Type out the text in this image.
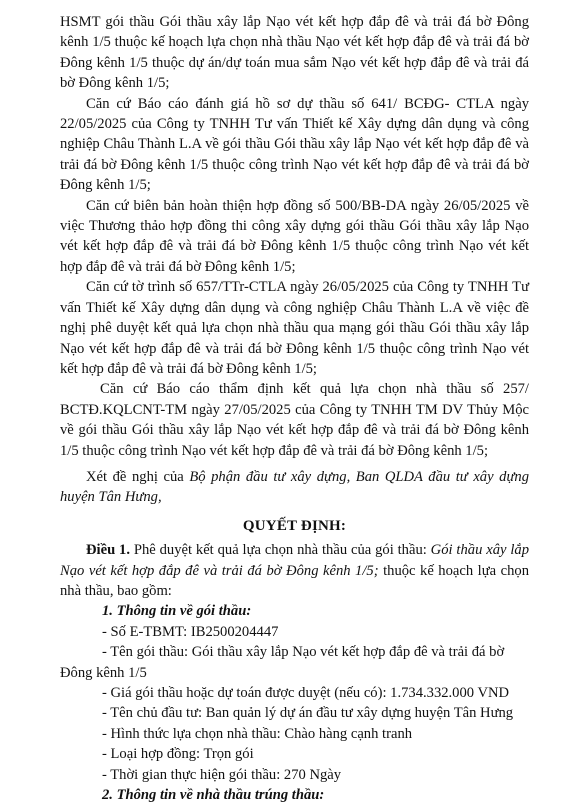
HSMT gói thầu Gói thầu xây lắp Nạo vét kết hợp đắp đê và trải đá bờ Đông kênh 1/5 thuộc kế hoạch lựa chọn nhà thầu Nạo vét kết hợp đắp đê và trải đá bờ Đông kênh 1/5 thuộc dự án/dự toán mua sắm Nạo vét kết hợp đắp đê và trải đá bờ Đông kênh 1/5;

Căn cứ Báo cáo đánh giá hồ sơ dự thầu số 641/ BCĐG- CTLA ngày 22/05/2025 của Công ty TNHH Tư vấn Thiết kế Xây dựng dân dụng và công nghiệp Châu Thành L.A về gói thầu Gói thầu xây lắp Nạo vét kết hợp đắp đê và trải đá bờ Đông kênh 1/5 thuộc công trình Nạo vét kết hợp đắp đê và trải đá bờ Đông kênh 1/5;

Căn cứ biên bản hoàn thiện hợp đồng số 500/BB-DA ngày 26/05/2025 về việc Thương thảo hợp đồng thi công xây dựng gói thầu Gói thầu xây lắp Nạo vét kết hợp đắp đê và trải đá bờ Đông kênh 1/5 thuộc công trình Nạo vét kết hợp đắp đê và trải đá bờ Đông kênh 1/5;

Căn cứ tờ trình số 657/TTr-CTLA ngày 26/05/2025 của Công ty TNHH Tư vấn Thiết kế Xây dựng dân dụng và công nghiệp Châu Thành L.A về việc đề nghị phê duyệt kết quả lựa chọn nhà thầu qua mạng gói thầu Gói thầu xây lắp Nạo vét kết hợp đắp đê và trải đá bờ Đông kênh 1/5 thuộc công trình Nạo vét kết hợp đắp đê và trải đá bờ Đông kênh 1/5;

Căn cứ Báo cáo thẩm định kết quả lựa chọn nhà thầu số 257/ BCTĐ.KQLCNT-TM ngày 27/05/2025 của Công ty TNHH TM DV Thủy Mộc về gói thầu Gói thầu xây lắp Nạo vét kết hợp đắp đê và trải đá bờ Đông kênh 1/5 thuộc công trình Nạo vét kết hợp đắp đê và trải đá bờ Đông kênh 1/5;

Xét đề nghị của Bộ phận đầu tư xây dựng, Ban QLDA đầu tư xây dựng huyện Tân Hưng,

QUYẾT ĐỊNH:

Điều 1. Phê duyệt kết quả lựa chọn nhà thầu của gói thầu: Gói thầu xây lắp Nạo vét kết hợp đắp đê và trải đá bờ Đông kênh 1/5; thuộc kế hoạch lựa chọn nhà thầu, bao gồm:

1. Thông tin về gói thầu:

- Số E-TBMT: IB2500204447

- Tên gói thầu: Gói thầu xây lắp Nạo vét kết hợp đắp đê và trải đá bờ Đông kênh 1/5

- Giá gói thầu hoặc dự toán được duyệt (nếu có): 1.734.332.000 VND

- Tên chủ đầu tư: Ban quản lý dự án đầu tư xây dựng huyện Tân Hưng

- Hình thức lựa chọn nhà thầu: Chào hàng cạnh tranh

- Loại hợp đồng: Trọn gói

- Thời gian thực hiện gói thầu: 270 Ngày

2. Thông tin về nhà thầu trúng thầu:
